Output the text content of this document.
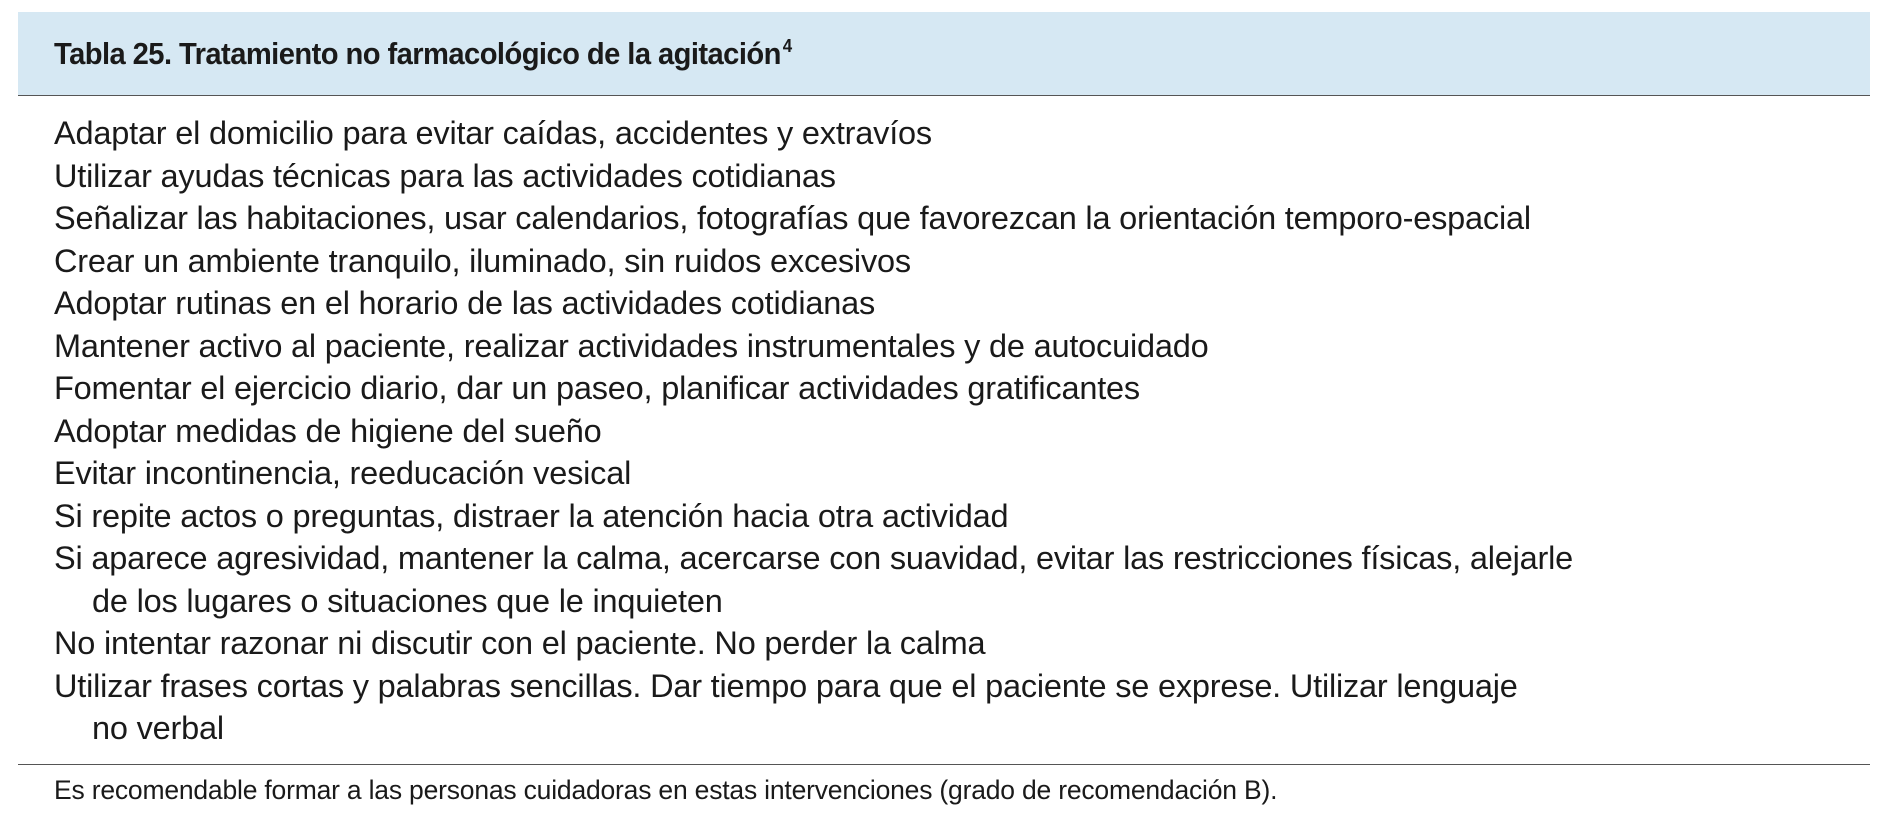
Tabla 25. Tratamiento no farmacológico de la agitación $^4$
Adaptar el domicilio para evitar caídas, accidentes y extravíos
Utilizar ayudas técnicas para las actividades cotidianas
Señalizar las habitaciones, usar calendarios, fotografías que favorezcan la orientación temporo-espacial
Crear un ambiente tranquilo, iluminado, sin ruidos excesivos
Adoptar rutinas en el horario de las actividades cotidianas
Mantener activo al paciente, realizar actividades instrumentales y de autocuidado
Fomentar el ejercicio diario, dar un paseo, planificar actividades gratificantes
Adoptar medidas de higiene del sueño
Evitar incontinencia, reeducación vesical
Si repite actos o preguntas, distraer la atención hacia otra actividad
Si aparece agresividad, mantener la calma, acercarse con suavidad, evitar las restricciones físicas, alejarle
de los lugares o situaciones que le inquieten
No intentar razonar ni discutir con el paciente. No perder la calma
Utilizar frases cortas y palabras sencillas. Dar tiempo para que el paciente se exprese. Utilizar lenguaje
no verbal
Es recomendable formar a las personas cuidadoras en estas intervenciones (grado de recomendación B).
